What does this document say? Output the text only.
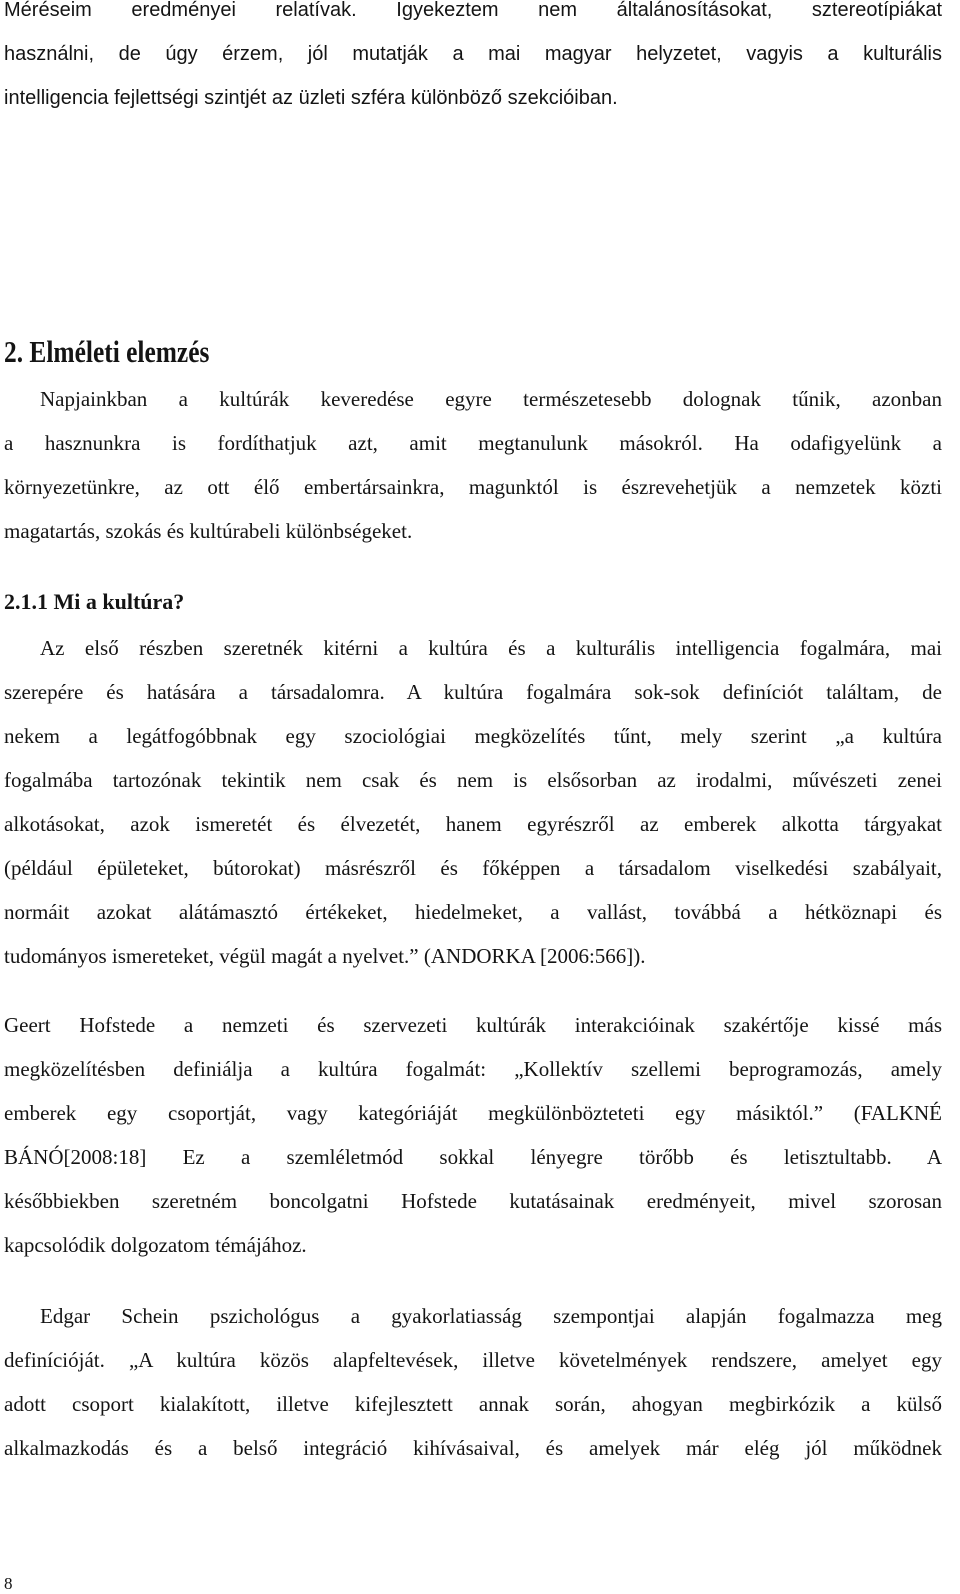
Méréseim eredményei relatívak. Igyekeztem nem általánosításokat, sztereotípiákat
használni, de úgy érzem, jól mutatják a mai magyar helyzetet, vagyis a kulturális
intelligencia fejlettségi szintjét az üzleti szféra különböző szekcióiban.
2. Elméleti elemzés
Napjainkban a kultúrák keveredése egyre természetesebb dolognak tűnik, azonban
a hasznunkra is fordíthatjuk azt, amit megtanulunk másokról. Ha odafigyelünk a
környezetünkre, az ott élő embertársainkra, magunktól is észrevehetjük a nemzetek közti
magatartás, szokás és kultúrabeli különbségeket.
2.1.1 Mi a kultúra?
Az első részben szeretnék kitérni a kultúra és a kulturális intelligencia fogalmára, mai
szerepére és hatására a társadalomra. A kultúra fogalmára sok-sok definíciót találtam, de
nekem a legátfogóbbnak egy szociológiai megközelítés tűnt, mely szerint „a kultúra
fogalmába tartozónak tekintik nem csak és nem is elsősorban az irodalmi, művészeti zenei
alkotásokat, azok ismeretét és élvezetét, hanem egyrészről az emberek alkotta tárgyakat
(például épületeket, bútorokat) másrészről és főképpen a társadalom viselkedési szabályait,
normáit azokat alátámasztó értékeket, hiedelmeket, a vallást, továbbá a hétköznapi és
tudományos ismereteket, végül magát a nyelvet.” (ANDORKA [2006:566]).
Geert Hofstede a nemzeti és szervezeti kultúrák interakcióinak szakértője kissé más
megközelítésben definiálja a kultúra fogalmát: „Kollektív szellemi beprogramozás, amely
emberek egy csoportját, vagy kategóriáját megkülönbözteteti egy másiktól.” (FALKNÉ
BÁNÓ[2008:18] Ez a szemléletmód sokkal lényegre törőbb és letisztultabb. A
későbbiekben szeretném boncolgatni Hofstede kutatásainak eredményeit, mivel szorosan
kapcsolódik dolgozatom témájához.
Edgar Schein pszichológus a gyakorlatiasság szempontjai alapján fogalmazza meg
definícióját. „A kultúra közös alapfeltevések, illetve követelmények rendszere, amelyet egy
adott csoport kialakított, illetve kifejlesztett annak során, ahogyan megbirkózik a külső
alkalmazkodás és a belső integráció kihívásaival, és amelyek már elég jól működnek
8
